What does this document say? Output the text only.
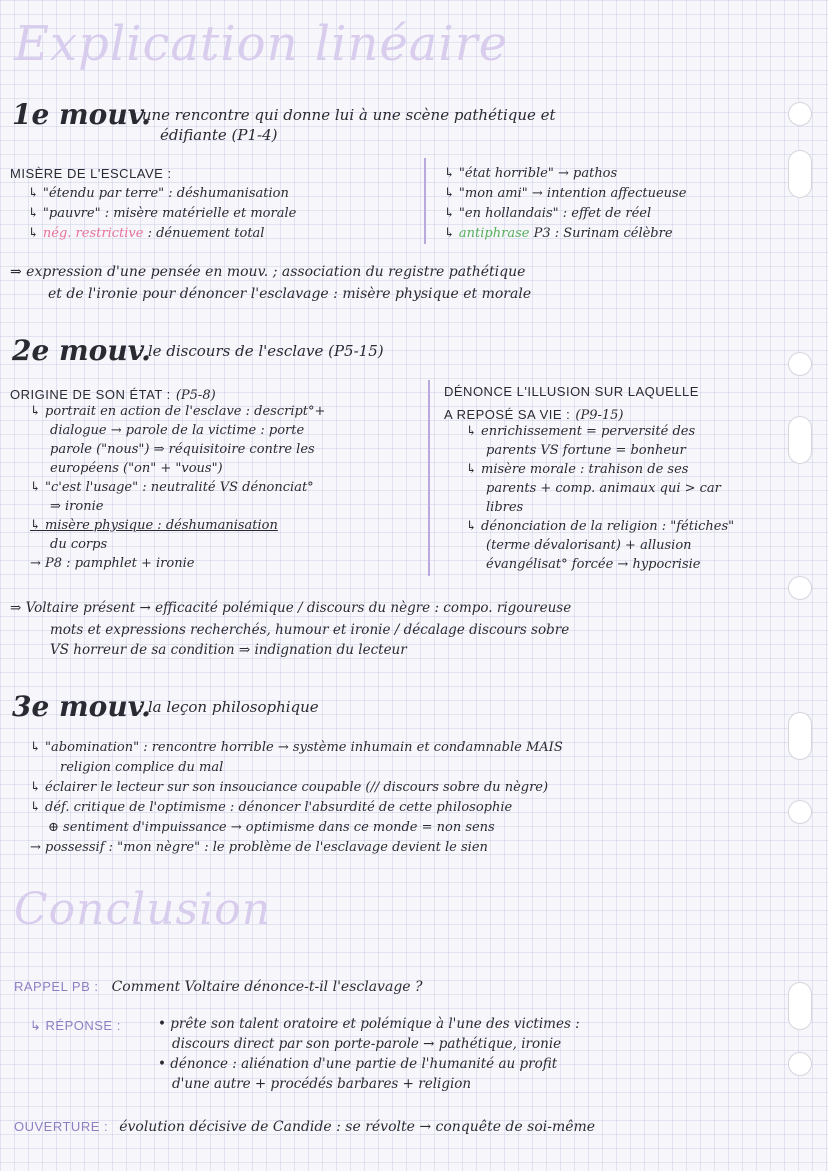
Explication linéaire
1e mouv.
: une rencontre qui donne lui à une scène pathétique et
édifiante (P1-4)
MISÈRE DE L'ESCLAVE :
↳ "étendu par terre" : déshumanisation
↳ "pauvre" : misère matérielle et morale
↳ nég. restrictive : dénuement total
↳ "état horrible" → pathos
↳ "mon ami" → intention affectueuse
↳ "en hollandais" : effet de réel
↳ antiphrase P3 : Surinam célèbre
⇒ expression d'une pensée en mouv. ; association du registre pathétique
et de l'ironie pour dénoncer l'esclavage : misère physique et morale
2e mouv.
: le discours de l'esclave (P5-15)
ORIGINE DE SON ÉTAT : (P5-8)
↳ portrait en action de l'esclave : descript°+
dialogue → parole de la victime : porte
parole ("nous") ⇒ réquisitoire contre les
européens ("on" + "vous")
↳ "c'est l'usage" : neutralité VS dénonciat°
⇒ ironie
↳ misère physique : déshumanisation
du corps
→ P8 : pamphlet + ironie
DÉNONCE L'ILLUSION SUR LAQUELLE
A REPOSÉ SA VIE : (P9-15)
↳ enrichissement = perversité des
parents VS fortune = bonheur
↳ misère morale : trahison de ses
parents + comp. animaux qui > car
libres
↳ dénonciation de la religion : "fétiches"
(terme dévalorisant) + allusion
évangélisat° forcée → hypocrisie
⇒ Voltaire présent → efficacité polémique / discours du nègre : compo. rigoureuse
mots et expressions recherchés, humour et ironie / décalage discours sobre
VS horreur de sa condition ⇒ indignation du lecteur
3e mouv.
: la leçon philosophique
↳ "abomination" : rencontre horrible → système inhumain et condamnable MAIS
religion complice du mal
↳ éclairer le lecteur sur son insouciance coupable (// discours sobre du nègre)
↳ déf. critique de l'optimisme : dénoncer l'absurdité de cette philosophie
⊕ sentiment d'impuissance → optimisme dans ce monde = non sens
→ possessif : "mon nègre" : le problème de l'esclavage devient le sien
Conclusion
RAPPEL PB : Comment Voltaire dénonce-t-il l'esclavage ?
↳ RÉPONSE :	• prête son talent oratoire et polémique à l'une des victimes :
discours direct par son porte-parole → pathétique, ironie
• dénonce : aliénation d'une partie de l'humanité au profit
d'une autre + procédés barbares + religion
OUVERTURE : évolution décisive de Candide : se révolte → conquête de soi-même
